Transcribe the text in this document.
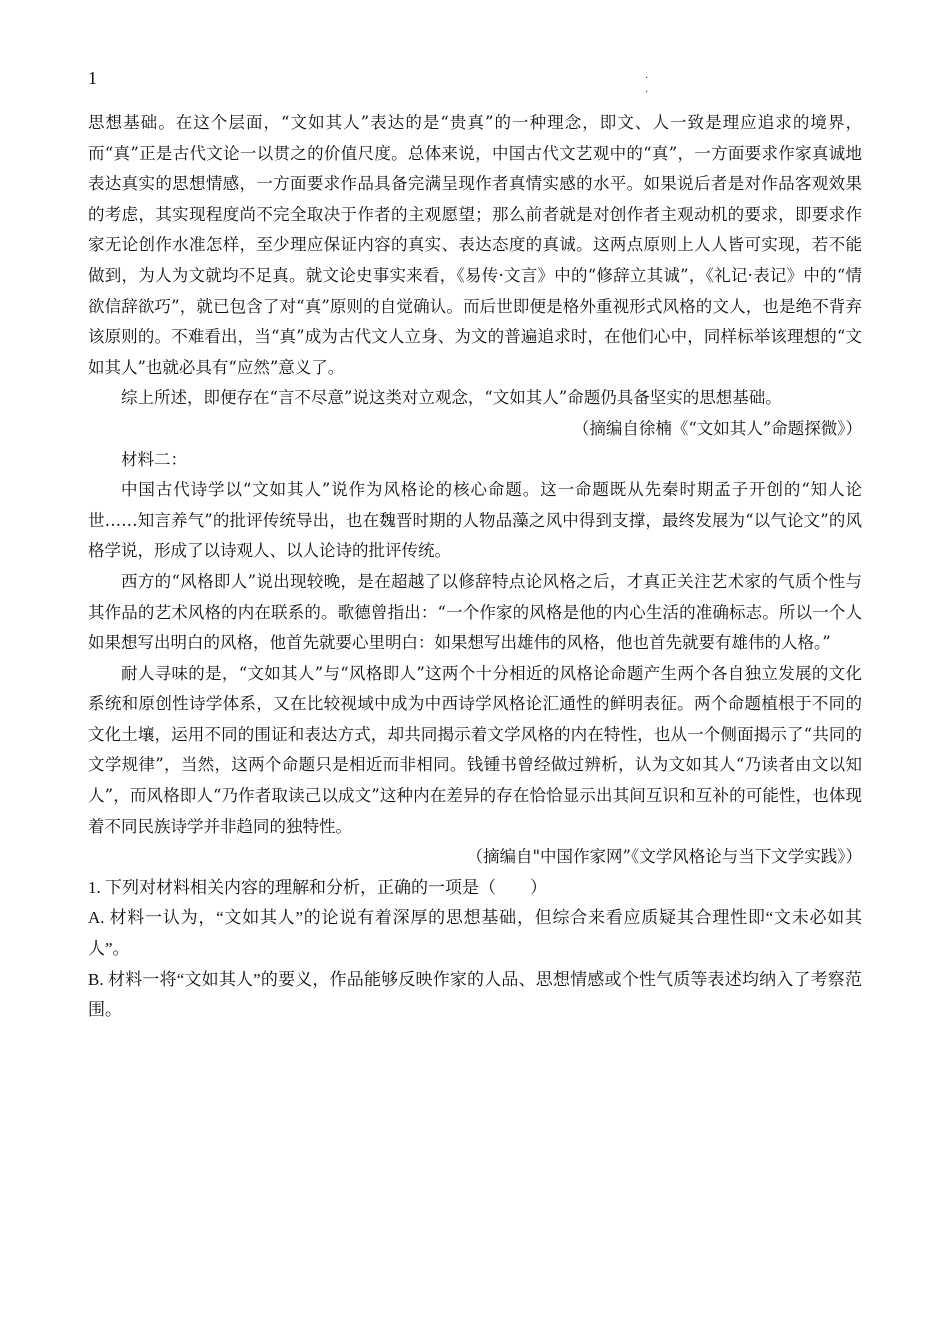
1	·
·

思想基础。在这个层面，“文如其人”表达的是“贵真”的一种理念，即文、人一致是理应追求的境界，而“真”正是古代文论一以贯之的价值尺度。总体来说，中国古代文艺观中的“真”，一方面要求作家真诚地表达真实的思想情感，一方面要求作品具备完满呈现作者真情实感的水平。如果说后者是对作品客观效果的考虑，其实现程度尚不完全取决于作者的主观愿望；那么前者就是对创作者主观动机的要求，即要求作家无论创作水准怎样，至少理应保证内容的真实、表达态度的真诚。这两点原则上人人皆可实现，若不能做到，为人为文就均不足真。就文论史事实来看，《易传·文言》中的“修辞立其诚”，《礼记·表记》中的“情欲信辞欲巧”，就已包含了对“真”原则的自觉确认。而后世即便是格外重视形式风格的文人，也是绝不背弃该原则的。不难看出，当“真”成为古代文人立身、为文的普遍追求时，在他们心中，同样标举该理想的“文如其人”也就必具有“应然”意义了。

综上所述，即便存在“言不尽意”说这类对立观念，“文如其人”命题仍具备坚实的思想基础。

（摘编自徐楠《“文如其人”命题探微》）

材料二：

中国古代诗学以“文如其人”说作为风格论的核心命题。这一命题既从先秦时期孟子开创的“知人论世……知言养气”的批评传统导出，也在魏晋时期的人物品藻之风中得到支撑，最终发展为“以气论文”的风格学说，形成了以诗观人、以人论诗的批评传统。

西方的“风格即人”说出现较晚，是在超越了以修辞特点论风格之后，才真正关注艺术家的气质个性与其作品的艺术风格的内在联系的。歌德曾指出：“一个作家的风格是他的内心生活的准确标志。所以一个人如果想写出明白的风格，他首先就要心里明白：如果想写出雄伟的风格，他也首先就要有雄伟的人格。”

耐人寻味的是，“文如其人”与“风格即人”这两个十分相近的风格论命题产生两个各自独立发展的文化系统和原创性诗学体系，又在比较视域中成为中西诗学风格论汇通性的鲜明表征。两个命题植根于不同的文化土壤，运用不同的围证和表达方式，却共同揭示着文学风格的内在特性，也从一个侧面揭示了“共同的文学规律”，当然，这两个命题只是相近而非相同。钱锺书曾经做过辨析，认为文如其人“乃读者由文以知人”，而风格即人“乃作者取读己以成文”这种内在差异的存在恰恰显示出其间互识和互补的可能性，也体现着不同民族诗学并非趋同的独特性。

（摘编自"中国作家网”《文学风格论与当下文学实践》）

1. 下列对材料相关内容的理解和分析，正确的一项是（　　）

A. 材料一认为，“文如其人”的论说有着深厚的思想基础，但综合来看应质疑其合理性即“文未必如其人”。

B. 材料一将“文如其人”的要义，作品能够反映作家的人品、思想情感或个性气质等表述均纳入了考察范围。
